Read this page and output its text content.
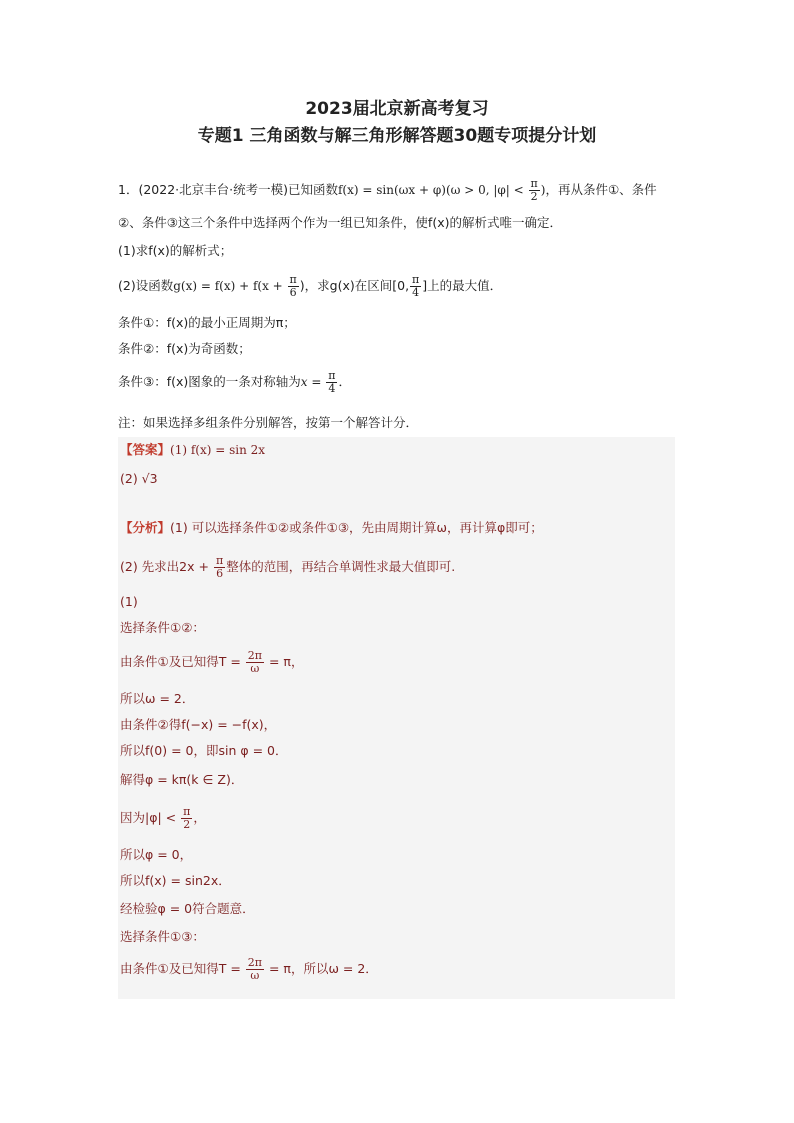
2023届北京新高考复习
专题1 三角函数与解三角形解答题30题专项提分计划
1．(2022·北京丰台·统考一模)已知函数f(x) = sin(ωx + φ)(ω > 0, $|\varphi| < \frac{\pi}{2}$ )，再从条件①、条件
②、条件③这三个条件中选择两个作为一组已知条件，使f(x)的解析式唯一确定．
(1)求f(x)的解析式；
(2)设函数$g(x) = f(x) + f(x + \frac{\pi}{6}$ )，求g(x)在区间[0, $\frac{\pi}{4}$ ]上的最大值．
条件①：f(x)的最小正周期为π；
条件②：f(x)为奇函数；
条件③：f(x)图象的一条对称轴为$x = \frac{\pi}{4}$ ．
注：如果选择多组条件分别解答，按第一个解答计分．
【答案】(1) f(x) = sin 2x
(2) √3
【分析】(1) 可以选择条件①②或条件①③，先由周期计算ω，再计算φ即可；
(2) 先求出$2x + \frac{\pi}{6}$ 整体的范围，再结合单调性求最大值即可.
(1)
选择条件①②：
由条件①及已知得$T = \frac{2\pi}{\omega} = \pi$，
所以ω = 2．
由条件②得f(−x) = −f(x)，
所以f(0) = 0，即sin φ = 0．
解得φ = kπ(k ∈ Z)．
因为$|\varphi| < \frac{\pi}{2}$ ，
所以φ = 0，
所以f(x) = sin2x．
经检验φ = 0符合题意．
选择条件①③：
由条件①及已知得$T = \frac{2\pi}{\omega} = \pi$，所以ω = 2．
